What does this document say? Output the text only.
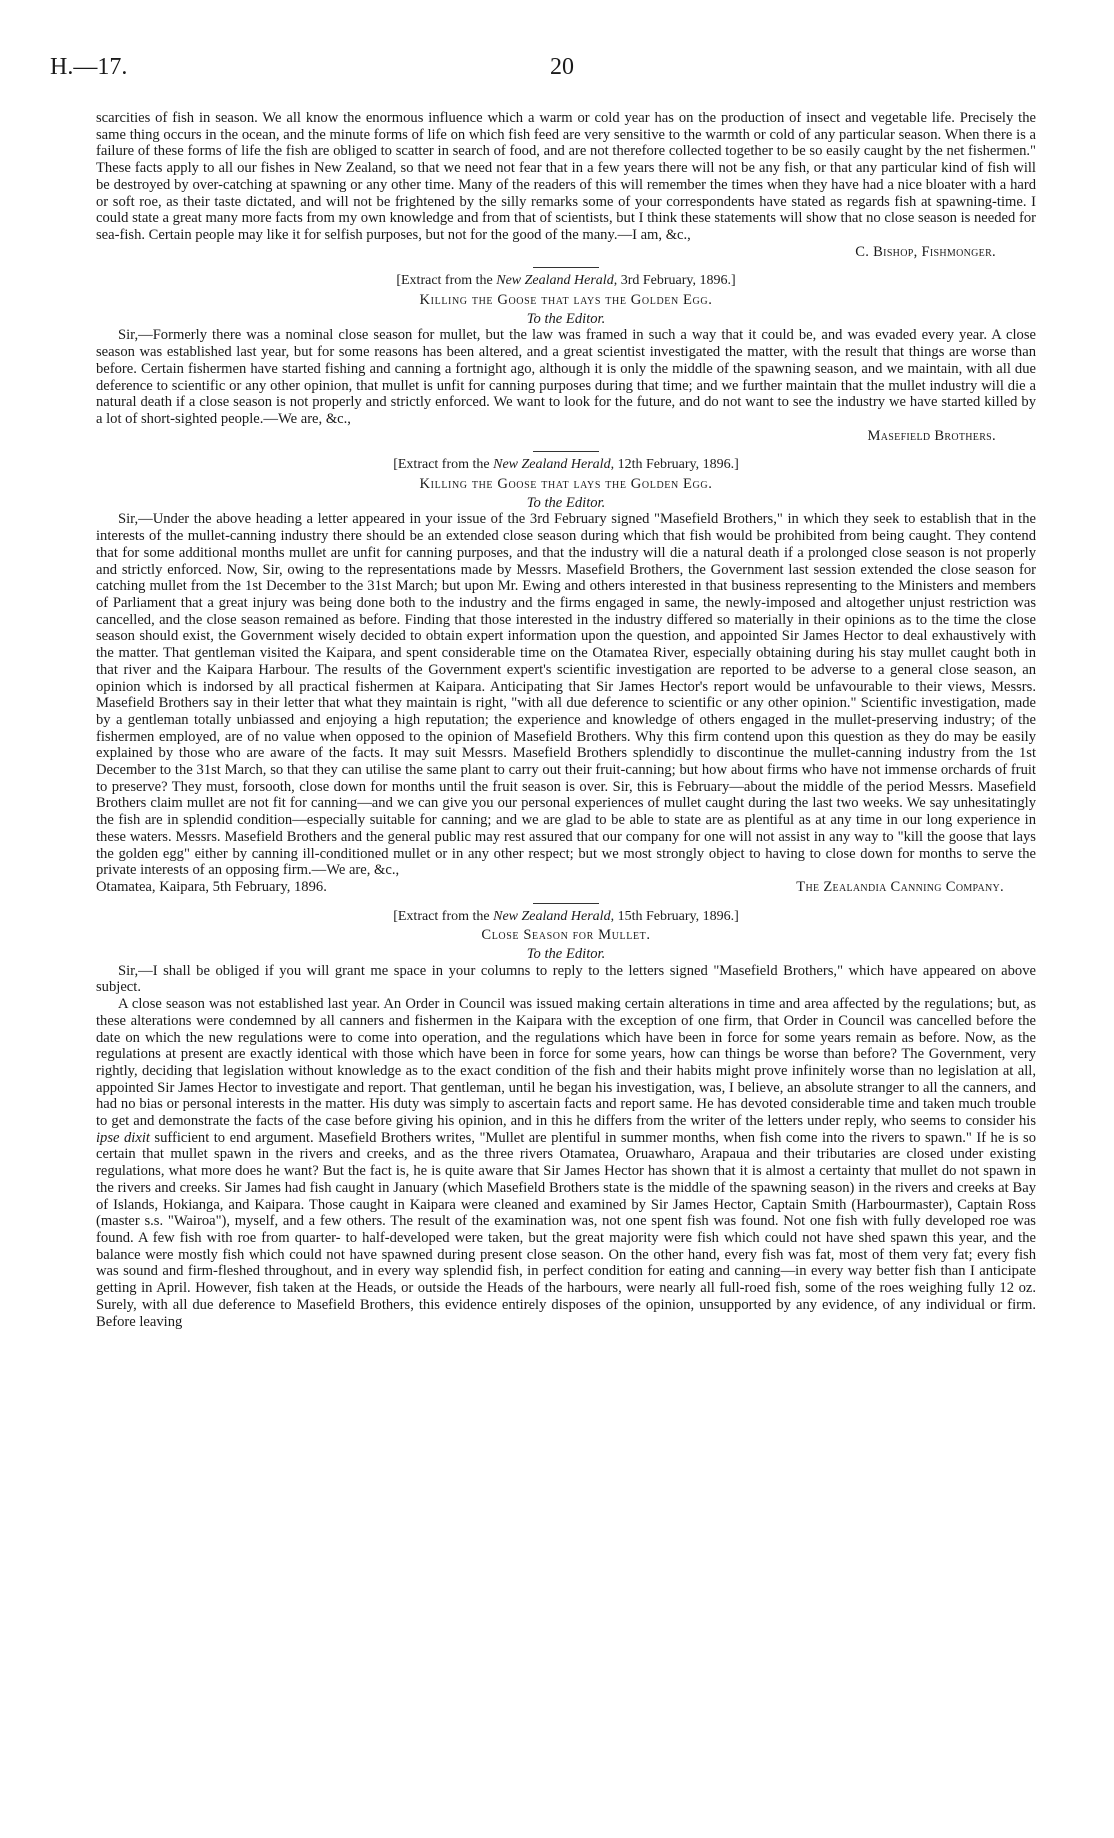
H.—17.	20

scarcities of fish in season. We all know the enormous influence which a warm or cold year has on the production of insect and vegetable life. Precisely the same thing occurs in the ocean, and the minute forms of life on which fish feed are very sensitive to the warmth or cold of any particular season. When there is a failure of these forms of life the fish are obliged to scatter in search of food, and are not therefore collected together to be so easily caught by the net fishermen." These facts apply to all our fishes in New Zealand, so that we need not fear that in a few years there will not be any fish, or that any particular kind of fish will be destroyed by over-catching at spawning or any other time. Many of the readers of this will remember the times when they have had a nice bloater with a hard or soft roe, as their taste dictated, and will not be frightened by the silly remarks some of your correspondents have stated as regards fish at spawning-time. I could state a great many more facts from my own knowledge and from that of scientists, but I think these statements will show that no close season is needed for sea-fish. Certain people may like it for selfish purposes, but not for the good of the many.—I am, &c.,

C. Bishop, Fishmonger.

[Extract from the New Zealand Herald, 3rd February, 1896.]
Killing the Goose that lays the Golden Egg.
To the Editor.

Sir,—Formerly there was a nominal close season for mullet, but the law was framed in such a way that it could be, and was evaded every year. A close season was established last year, but for some reasons has been altered, and a great scientist investigated the matter, with the result that things are worse than before. Certain fishermen have started fishing and canning a fortnight ago, although it is only the middle of the spawning season, and we maintain, with all due deference to scientific or any other opinion, that mullet is unfit for canning purposes during that time; and we further maintain that the mullet industry will die a natural death if a close season is not properly and strictly enforced. We want to look for the future, and do not want to see the industry we have started killed by a lot of short-sighted people.—We are, &c.,

Masefield Brothers.

[Extract from the New Zealand Herald, 12th February, 1896.]
Killing the Goose that lays the Golden Egg.
To the Editor.

Sir,—Under the above heading a letter appeared in your issue of the 3rd February signed "Masefield Brothers," in which they seek to establish that in the interests of the mullet-canning industry there should be an extended close season during which that fish would be prohibited from being caught. They contend that for some additional months mullet are unfit for canning purposes, and that the industry will die a natural death if a prolonged close season is not properly and strictly enforced. Now, Sir, owing to the representations made by Messrs. Masefield Brothers, the Government last session extended the close season for catching mullet from the 1st December to the 31st March; but upon Mr. Ewing and others interested in that business representing to the Ministers and members of Parliament that a great injury was being done both to the industry and the firms engaged in same, the newly-imposed and altogether unjust restriction was cancelled, and the close season remained as before. Finding that those interested in the industry differed so materially in their opinions as to the time the close season should exist, the Government wisely decided to obtain expert information upon the question, and appointed Sir James Hector to deal exhaustively with the matter. That gentleman visited the Kaipara, and spent considerable time on the Otamatea River, especially obtaining during his stay mullet caught both in that river and the Kaipara Harbour. The results of the Government expert's scientific investigation are reported to be adverse to a general close season, an opinion which is indorsed by all practical fishermen at Kaipara. Anticipating that Sir James Hector's report would be unfavourable to their views, Messrs. Masefield Brothers say in their letter that what they maintain is right, "with all due deference to scientific or any other opinion." Scientific investigation, made by a gentleman totally unbiassed and enjoying a high reputation; the experience and knowledge of others engaged in the mullet-preserving industry; of the fishermen employed, are of no value when opposed to the opinion of Masefield Brothers. Why this firm contend upon this question as they do may be easily explained by those who are aware of the facts. It may suit Messrs. Masefield Brothers splendidly to discontinue the mullet-canning industry from the 1st December to the 31st March, so that they can utilise the same plant to carry out their fruit-canning; but how about firms who have not immense orchards of fruit to preserve? They must, forsooth, close down for months until the fruit season is over. Sir, this is February—about the middle of the period Messrs. Masefield Brothers claim mullet are not fit for canning—and we can give you our personal experiences of mullet caught during the last two weeks. We say unhesitatingly the fish are in splendid condition—especially suitable for canning; and we are glad to be able to state are as plentiful as at any time in our long experience in these waters. Messrs. Masefield Brothers and the general public may rest assured that our company for one will not assist in any way to "kill the goose that lays the golden egg" either by canning ill-conditioned mullet or in any other respect; but we most strongly object to having to close down for months to serve the private interests of an opposing firm.—We are, &c.,

Otamatea, Kaipara, 5th February, 1896.	The Zealandia Canning Company.
[Extract from the New Zealand Herald, 15th February, 1896.]
Close Season for Mullet.
To the Editor.

Sir,—I shall be obliged if you will grant me space in your columns to reply to the letters signed "Masefield Brothers," which have appeared on above subject.

A close season was not established last year. An Order in Council was issued making certain alterations in time and area affected by the regulations; but, as these alterations were condemned by all canners and fishermen in the Kaipara with the exception of one firm, that Order in Council was cancelled before the date on which the new regulations were to come into operation, and the regulations which have been in force for some years remain as before. Now, as the regulations at present are exactly identical with those which have been in force for some years, how can things be worse than before? The Government, very rightly, deciding that legislation without knowledge as to the exact condition of the fish and their habits might prove infinitely worse than no legislation at all, appointed Sir James Hector to investigate and report. That gentleman, until he began his investigation, was, I believe, an absolute stranger to all the canners, and had no bias or personal interests in the matter. His duty was simply to ascertain facts and report same. He has devoted considerable time and taken much trouble to get and demonstrate the facts of the case before giving his opinion, and in this he differs from the writer of the letters under reply, who seems to consider his ipse dixit sufficient to end argument. Masefield Brothers writes, "Mullet are plentiful in summer months, when fish come into the rivers to spawn." If he is so certain that mullet spawn in the rivers and creeks, and as the three rivers Otamatea, Oruawharo, Arapaua and their tributaries are closed under existing regulations, what more does he want? But the fact is, he is quite aware that Sir James Hector has shown that it is almost a certainty that mullet do not spawn in the rivers and creeks. Sir James had fish caught in January (which Masefield Brothers state is the middle of the spawning season) in the rivers and creeks at Bay of Islands, Hokianga, and Kaipara. Those caught in Kaipara were cleaned and examined by Sir James Hector, Captain Smith (Harbourmaster), Captain Ross (master s.s. "Wairoa"), myself, and a few others. The result of the examination was, not one spent fish was found. Not one fish with fully developed roe was found. A few fish with roe from quarter- to half-developed were taken, but the great majority were fish which could not have shed spawn this year, and the balance were mostly fish which could not have spawned during present close season. On the other hand, every fish was fat, most of them very fat; every fish was sound and firm-fleshed throughout, and in every way splendid fish, in perfect condition for eating and canning—in every way better fish than I anticipate getting in April. However, fish taken at the Heads, or outside the Heads of the harbours, were nearly all full-roed fish, some of the roes weighing fully 12 oz. Surely, with all due deference to Masefield Brothers, this evidence entirely disposes of the opinion, unsupported by any evidence, of any individual or firm. Before leaving
